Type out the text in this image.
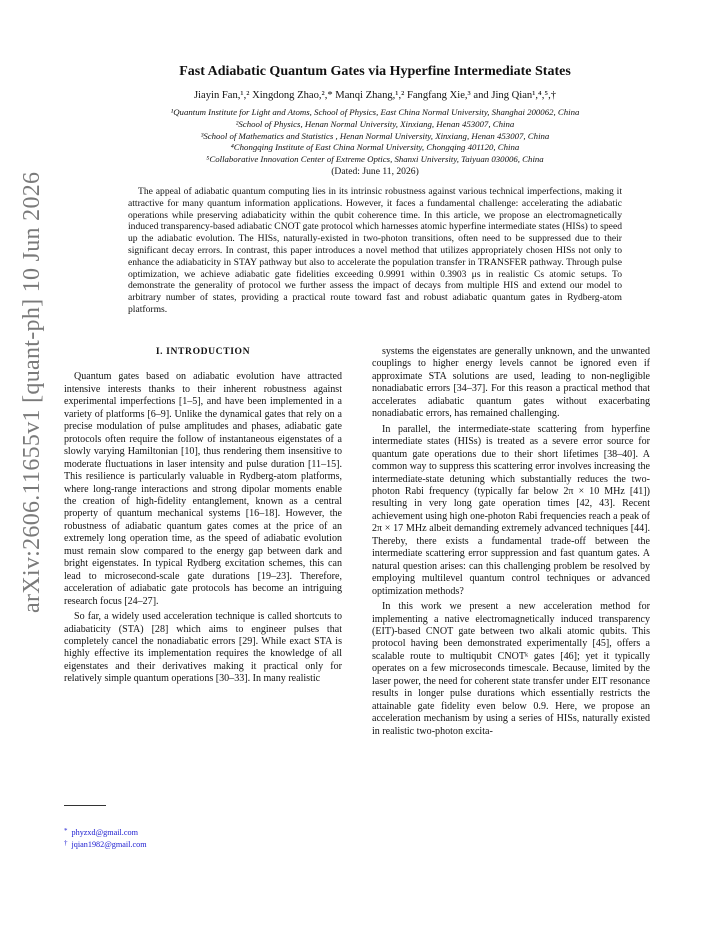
arXiv:2606.11655v1 [quant-ph] 10 Jun 2026
Fast Adiabatic Quantum Gates via Hyperfine Intermediate States
Jiayin Fan,¹,² Xingdong Zhao,²,* Manqi Zhang,¹,² Fangfang Xie,³ and Jing Qian¹,⁴,⁵,†
¹Quantum Institute for Light and Atoms, School of Physics, East China Normal University, Shanghai 200062, China
²School of Physics, Henan Normal University, Xinxiang, Henan 453007, China
³School of Mathematics and Statistics , Henan Normal University, Xinxiang, Henan 453007, China
⁴Chongqing Institute of East China Normal University, Chongqing 401120, China
⁵Collaborative Innovation Center of Extreme Optics, Shanxi University, Taiyuan 030006, China
(Dated: June 11, 2026)

The appeal of adiabatic quantum computing lies in its intrinsic robustness against various technical imperfections, making it attractive for many quantum information applications. However, it faces a fundamental challenge: accelerating the adiabatic operations while preserving adiabaticity within the qubit coherence time. In this article, we propose an electromagnetically induced transparency-based adiabatic CNOT gate protocol which harnesses atomic hyperfine intermediate states (HISs) to speed up the adiabatic evolution. The HISs, naturally-existed in two-photon transitions, often need to be suppressed due to their significant decay errors. In contrast, this paper introduces a novel method that utilizes appropriately chosen HISs not only to enhance the adiabaticity in STAY pathway but also to accelerate the population transfer in TRANSFER pathway. Through pulse optimization, we achieve adiabatic gate fidelities exceeding 0.9991 within 0.3903 μs in realistic Cs atomic setups. To demonstrate the generality of protocol we further assess the impact of decays from multiple HIS and extend our model to arbitrary number of states, providing a practical route toward fast and robust adiabatic quantum gates in Rydberg-atom platforms.

I. INTRODUCTION

Quantum gates based on adiabatic evolution have attracted intensive interests thanks to their inherent robustness against experimental imperfections [1–5], and have been implemented in a variety of platforms [6–9]. Unlike the dynamical gates that rely on a precise modulation of pulse amplitudes and phases, adiabatic gate protocols often require the follow of instantaneous eigenstates of a slowly varying Hamiltonian [10], thus rendering them insensitive to moderate fluctuations in laser intensity and pulse duration [11–15]. This resilience is particularly valuable in Rydberg-atom platforms, where long-range interactions and strong dipolar moments enable the creation of high-fidelity entanglement, known as a central property of quantum mechanical systems [16–18]. However, the robustness of adiabatic quantum gates comes at the price of an extremely long operation time, as the speed of adiabatic evolution must remain slow compared to the energy gap between dark and bright eigenstates. In typical Rydberg excitation schemes, this can lead to microsecond-scale gate durations [19–23]. Therefore, acceleration of adiabatic gate protocols has become an intriguing research focus [24–27].

So far, a widely used acceleration technique is called shortcuts to adiabaticity (STA) [28] which aims to engineer pulses that completely cancel the nonadiabatic errors [29]. While exact STA is highly effective its implementation requires the knowledge of all eigenstates and their derivatives making it practical only for relatively simple quantum operations [30–33]. In many realistic

systems the eigenstates are generally unknown, and the unwanted couplings to higher energy levels cannot be ignored even if approximate STA solutions are used, leading to non-negligible nonadiabatic errors [34–37]. For this reason a practical method that accelerates adiabatic quantum gates without exacerbating nonadiabatic errors, has remained challenging.

In parallel, the intermediate-state scattering from hyperfine intermediate states (HISs) is treated as a severe error source for quantum gate operations due to their short lifetimes [38–40]. A common way to suppress this scattering error involves increasing the intermediate-state detuning which substantially reduces the two-photon Rabi frequency (typically far below 2π × 10 MHz [41]) resulting in very long gate operation times [42, 43]. Recent achievement using high one-photon Rabi frequencies reach a peak of 2π × 17 MHz albeit demanding extremely advanced techniques [44]. Thereby, there exists a fundamental trade-off between the intermediate scattering error suppression and fast quantum gates. A natural question arises: can this challenging problem be resolved by employing multilevel quantum control techniques or advanced optimization methods?

In this work we present a new acceleration method for implementing a native electromagnetically induced transparency (EIT)-based CNOT gate between two alkali atomic qubits. This protocol having been demonstrated experimentally [45], offers a scalable route to multiqubit CNOTᵏ gates [46]; yet it typically operates on a few microseconds timescale. Because, limited by the laser power, the need for coherent state transfer under EIT resonance results in longer pulse durations which essentially restricts the attainable gate fidelity even below 0.9. Here, we propose an acceleration mechanism by using a series of HISs, naturally existed in realistic two-photon excita-

* phyzxd@gmail.com
† jqian1982@gmail.com
